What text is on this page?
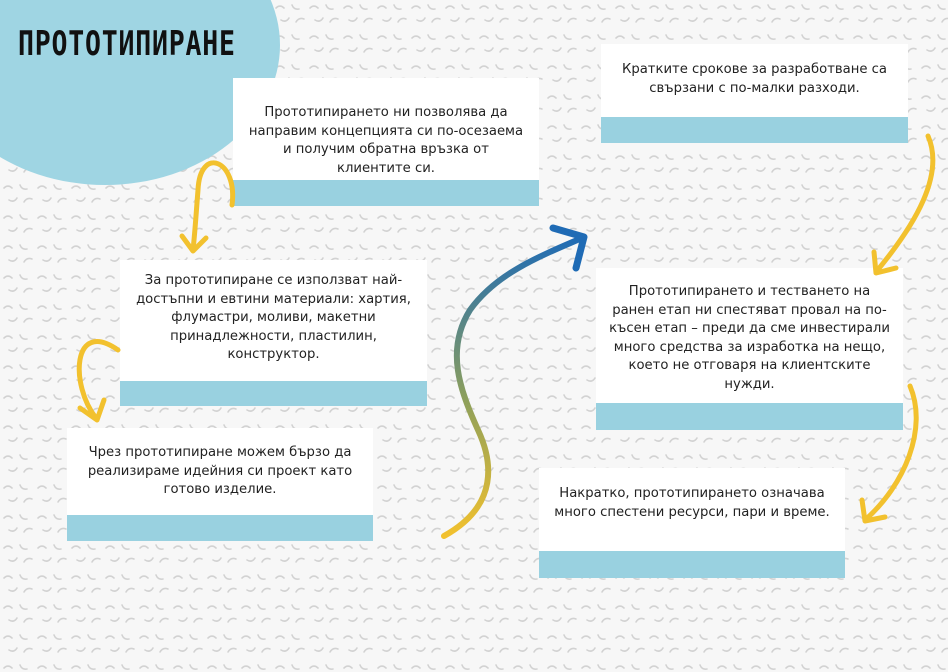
ПРОТОТИПИРАНЕ

Прототипирането ни позволява да направим концепцията си по-осезаема и получим обратна връзка от клиентите си.

За прототипиране се използват най-достъпни и евтини материали: хартия, флумастри, моливи, макетни принадлежности, пластилин, конструктор.

Чрез прототипиране можем бързо да реализираме идейния си проект като готово изделие.

Кратките срокове за разработване са свързани с по-малки разходи.

Прототипирането и тестването на ранен етап ни спестяват провал на по-късен етап – преди да сме инвестирали много средства за изработка на нещо, което не отговаря на клиентските нужди.

Накратко, прототипирането означава много спестени ресурси, пари и време.
